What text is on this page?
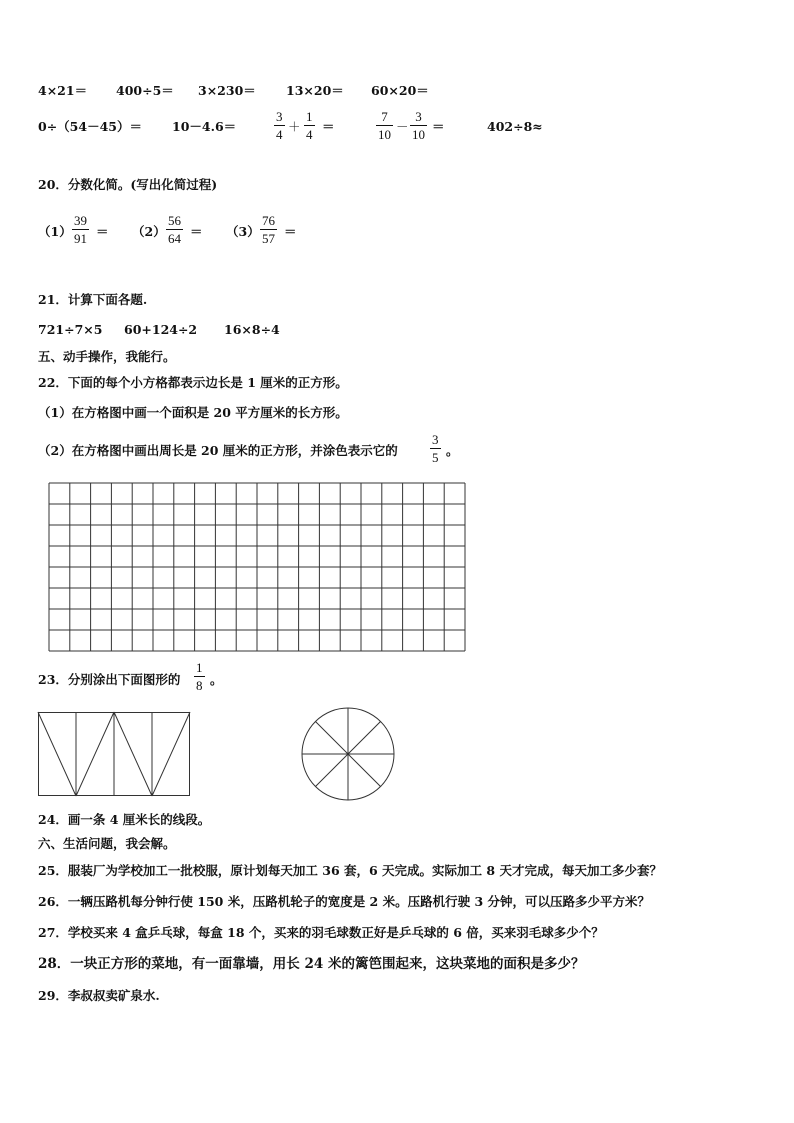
4×21＝ 400÷5＝ 3×230＝ 13×20＝ 60×20＝
0÷（54－45）＝ 10－4.6＝	$\frac{3}{4} + \frac{1}{4}$ ＝	$\frac{7}{10} - \frac{3}{10}$ ＝	402÷8≈
20．分数化简。(写出化简过程)
$(1) \frac{39}{91} = (2) \frac{56}{64} = (3) \frac{76}{57}$ ＝
21．计算下面各题.
721÷7×5 60+124÷2 16×8÷4
五、动手操作，我能行。
22．下面的每个小方格都表示边长是 1 厘米的正方形。
（1）在方格图中画一个面积是 20 平方厘米的长方形。
（2）在方格图中画出周长是 20 厘米的正方形，并涂色表示它的 $\frac{3}{5}$ 。
23．分别涂出下面图形的 $\frac{1}{8}$ 。
24．画一条 4 厘米长的线段。
六、生活问题，我会解。
25．服装厂为学校加工一批校服，原计划每天加工 36 套，6 天完成。实际加工 8 天才完成，每天加工多少套？
26．一辆压路机每分钟行使 150 米，压路机轮子的宽度是 2 米。压路机行驶 3 分钟，可以压路多少平方米？
27．学校买来 4 盒乒乓球，每盒 18 个，买来的羽毛球数正好是乒乓球的 6 倍，买来羽毛球多少个？
28．一块正方形的菜地，有一面靠墙，用长 24 米的篱笆围起来，这块菜地的面积是多少？
29．李叔叔卖矿泉水.
